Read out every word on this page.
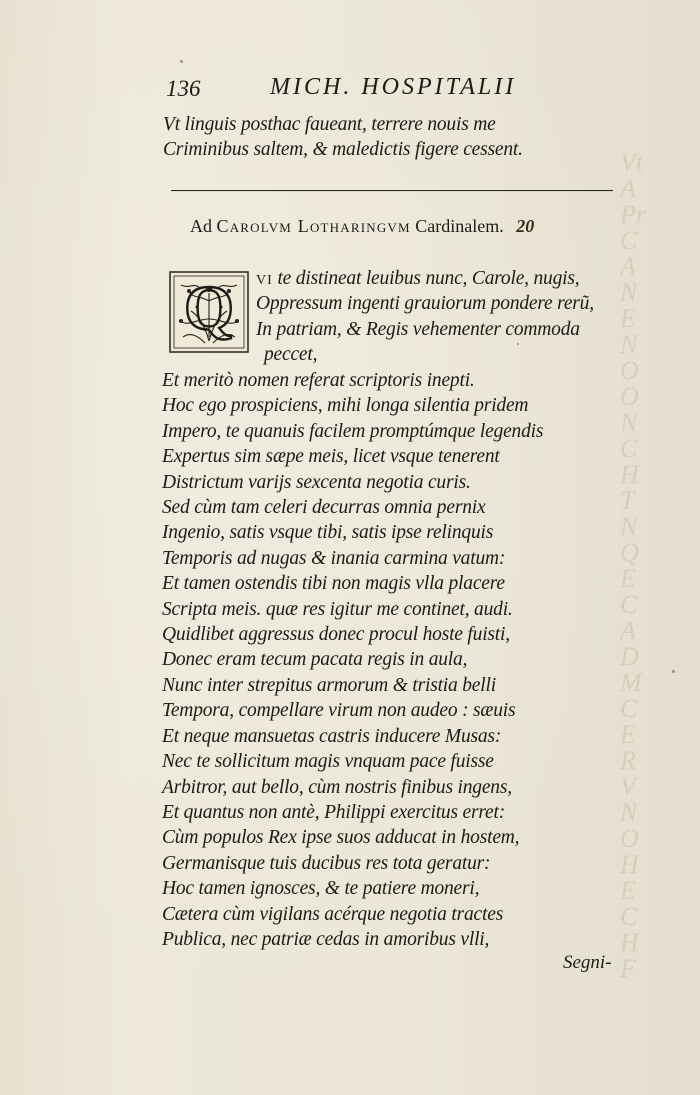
Vt
A
Pr
C
A
N
E
N
O
O
N
C
H
T
N
Q
E
C
A
D
M
C
E
R
V
N
O
H
E
C
H
F
136	MICH. HOSPITALII
Vt linguis posthac faueant, terrere nouis me
Criminibus saltem, & maledictis figere cessent.
Ad Carolvm Lotharingvm Cardinalem. 20
Q vi te distineat leuibus nunc, Carole, nugis,
Oppressum ingenti grauiorum pondere rerũ,
In patriam, & Regis vehementer commoda
peccet,
Et meritò nomen referat scriptoris inepti.
Hoc ego prospiciens, mihi longa silentia pridem
Impero, te quanuis facilem promptúmque legendis
Expertus sim sæpe meis, licet vsque tenerent
Districtum varijs sexcenta negotia curis.
Sed cùm tam celeri decurras omnia pernix
Ingenio, satis vsque tibi, satis ipse relinquis
Temporis ad nugas & inania carmina vatum:
Et tamen ostendis tibi non magis vlla placere
Scripta meis. quæ res igitur me continet, audi.
Quidlibet aggressus donec procul hoste fuisti,
Donec eram tecum pacata regis in aula,
Nunc inter strepitus armorum & tristia belli
Tempora, compellare virum non audeo : sæuis
Et neque mansuetas castris inducere Musas:
Nec te sollicitum magis vnquam pace fuisse
Arbitror, aut bello, cùm nostris finibus ingens,
Et quantus non antè, Philippi exercitus erret:
Cùm populos Rex ipse suos adducat in hostem,
Germanisque tuis ducibus res tota geratur:
Hoc tamen ignosces, & te patiere moneri,
Cætera cùm vigilans acérque negotia tractes
Publica, nec patriæ cedas in amoribus vlli,
Segni-
